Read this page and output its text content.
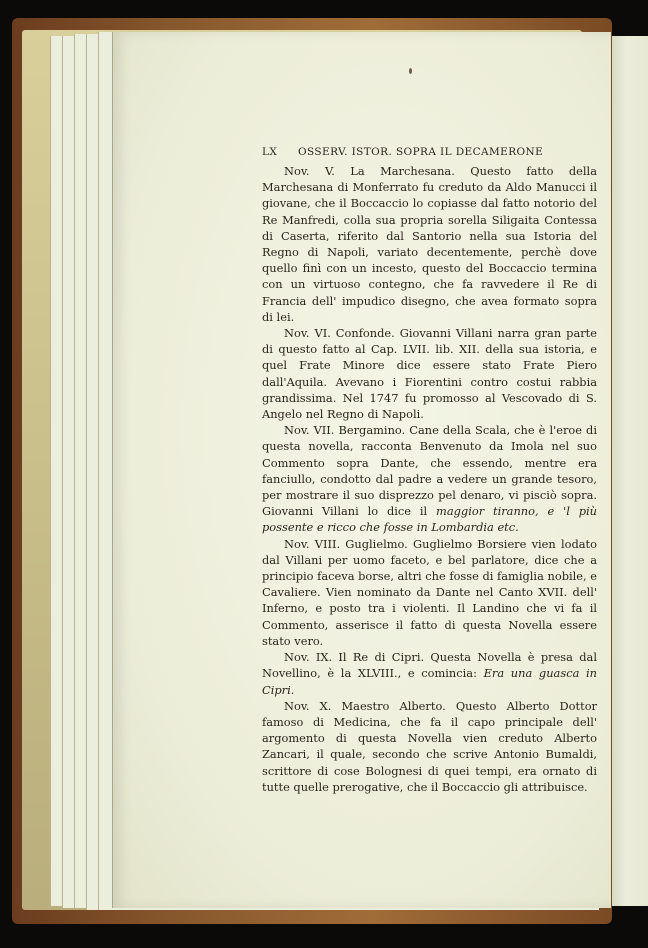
LX OSSERV. ISTOR. SOPRA IL DECAMERONE

Nov. V. La Marchesana. Questo fatto della Marchesana di Monferrato fu creduto da Aldo Manucci il giovane, che il Boccaccio lo copiasse dal fatto notorio del Re Manfredi, colla sua propria sorella Siligaita Contessa di Caserta, riferito dal Santorio nella sua Istoria del Regno di Napoli, variato decentemente, perchè dove quello finì con un incesto, questo del Boccaccio termina con un virtuoso contegno, che fa ravvedere il Re di Francia dell' impudico disegno, che avea formato sopra di lei.

Nov. VI. Confonde. Giovanni Villani narra gran parte di questo fatto al Cap. LVII. lib. XII. della sua istoria, e quel Frate Minore dice essere stato Frate Piero dall'Aquila. Avevano i Fiorentini contro costui rabbia grandissima. Nel 1747 fu promosso al Vescovado di S. Angelo nel Regno di Napoli.

Nov. VII. Bergamino. Cane della Scala, che è l'eroe di questa novella, racconta Benvenuto da Imola nel suo Commento sopra Dante, che essendo, mentre era fanciullo, condotto dal padre a vedere un grande tesoro, per mostrare il suo disprezzo pel denaro, vi pisciò sopra. Giovanni Villani lo dice il maggior tiranno, e 'l più possente e ricco che fosse in Lombardia etc.

Nov. VIII. Guglielmo. Guglielmo Borsiere vien lodato dal Villani per uomo faceto, e bel parlatore, dice che a principio faceva borse, altri che fosse di famiglia nobile, e Cavaliere. Vien nominato da Dante nel Canto XVII. dell' Inferno, e posto tra i violenti. Il Landino che vi fa il Commento, asserisce il fatto di questa Novella essere stato vero.

Nov. IX. Il Re di Cipri. Questa Novella è presa dal Novellino, è la XLVIII., e comincia: Era una guasca in Cipri.

Nov. X. Maestro Alberto. Questo Alberto Dottor famoso di Medicina, che fa il capo principale dell' argomento di questa Novella vien creduto Alberto Zancari, il quale, secondo che scrive Antonio Bumaldi, scrittore di cose Bolognesi di quei tempi, era ornato di tutte quelle prerogative, che il Boccaccio gli attribuisce.
